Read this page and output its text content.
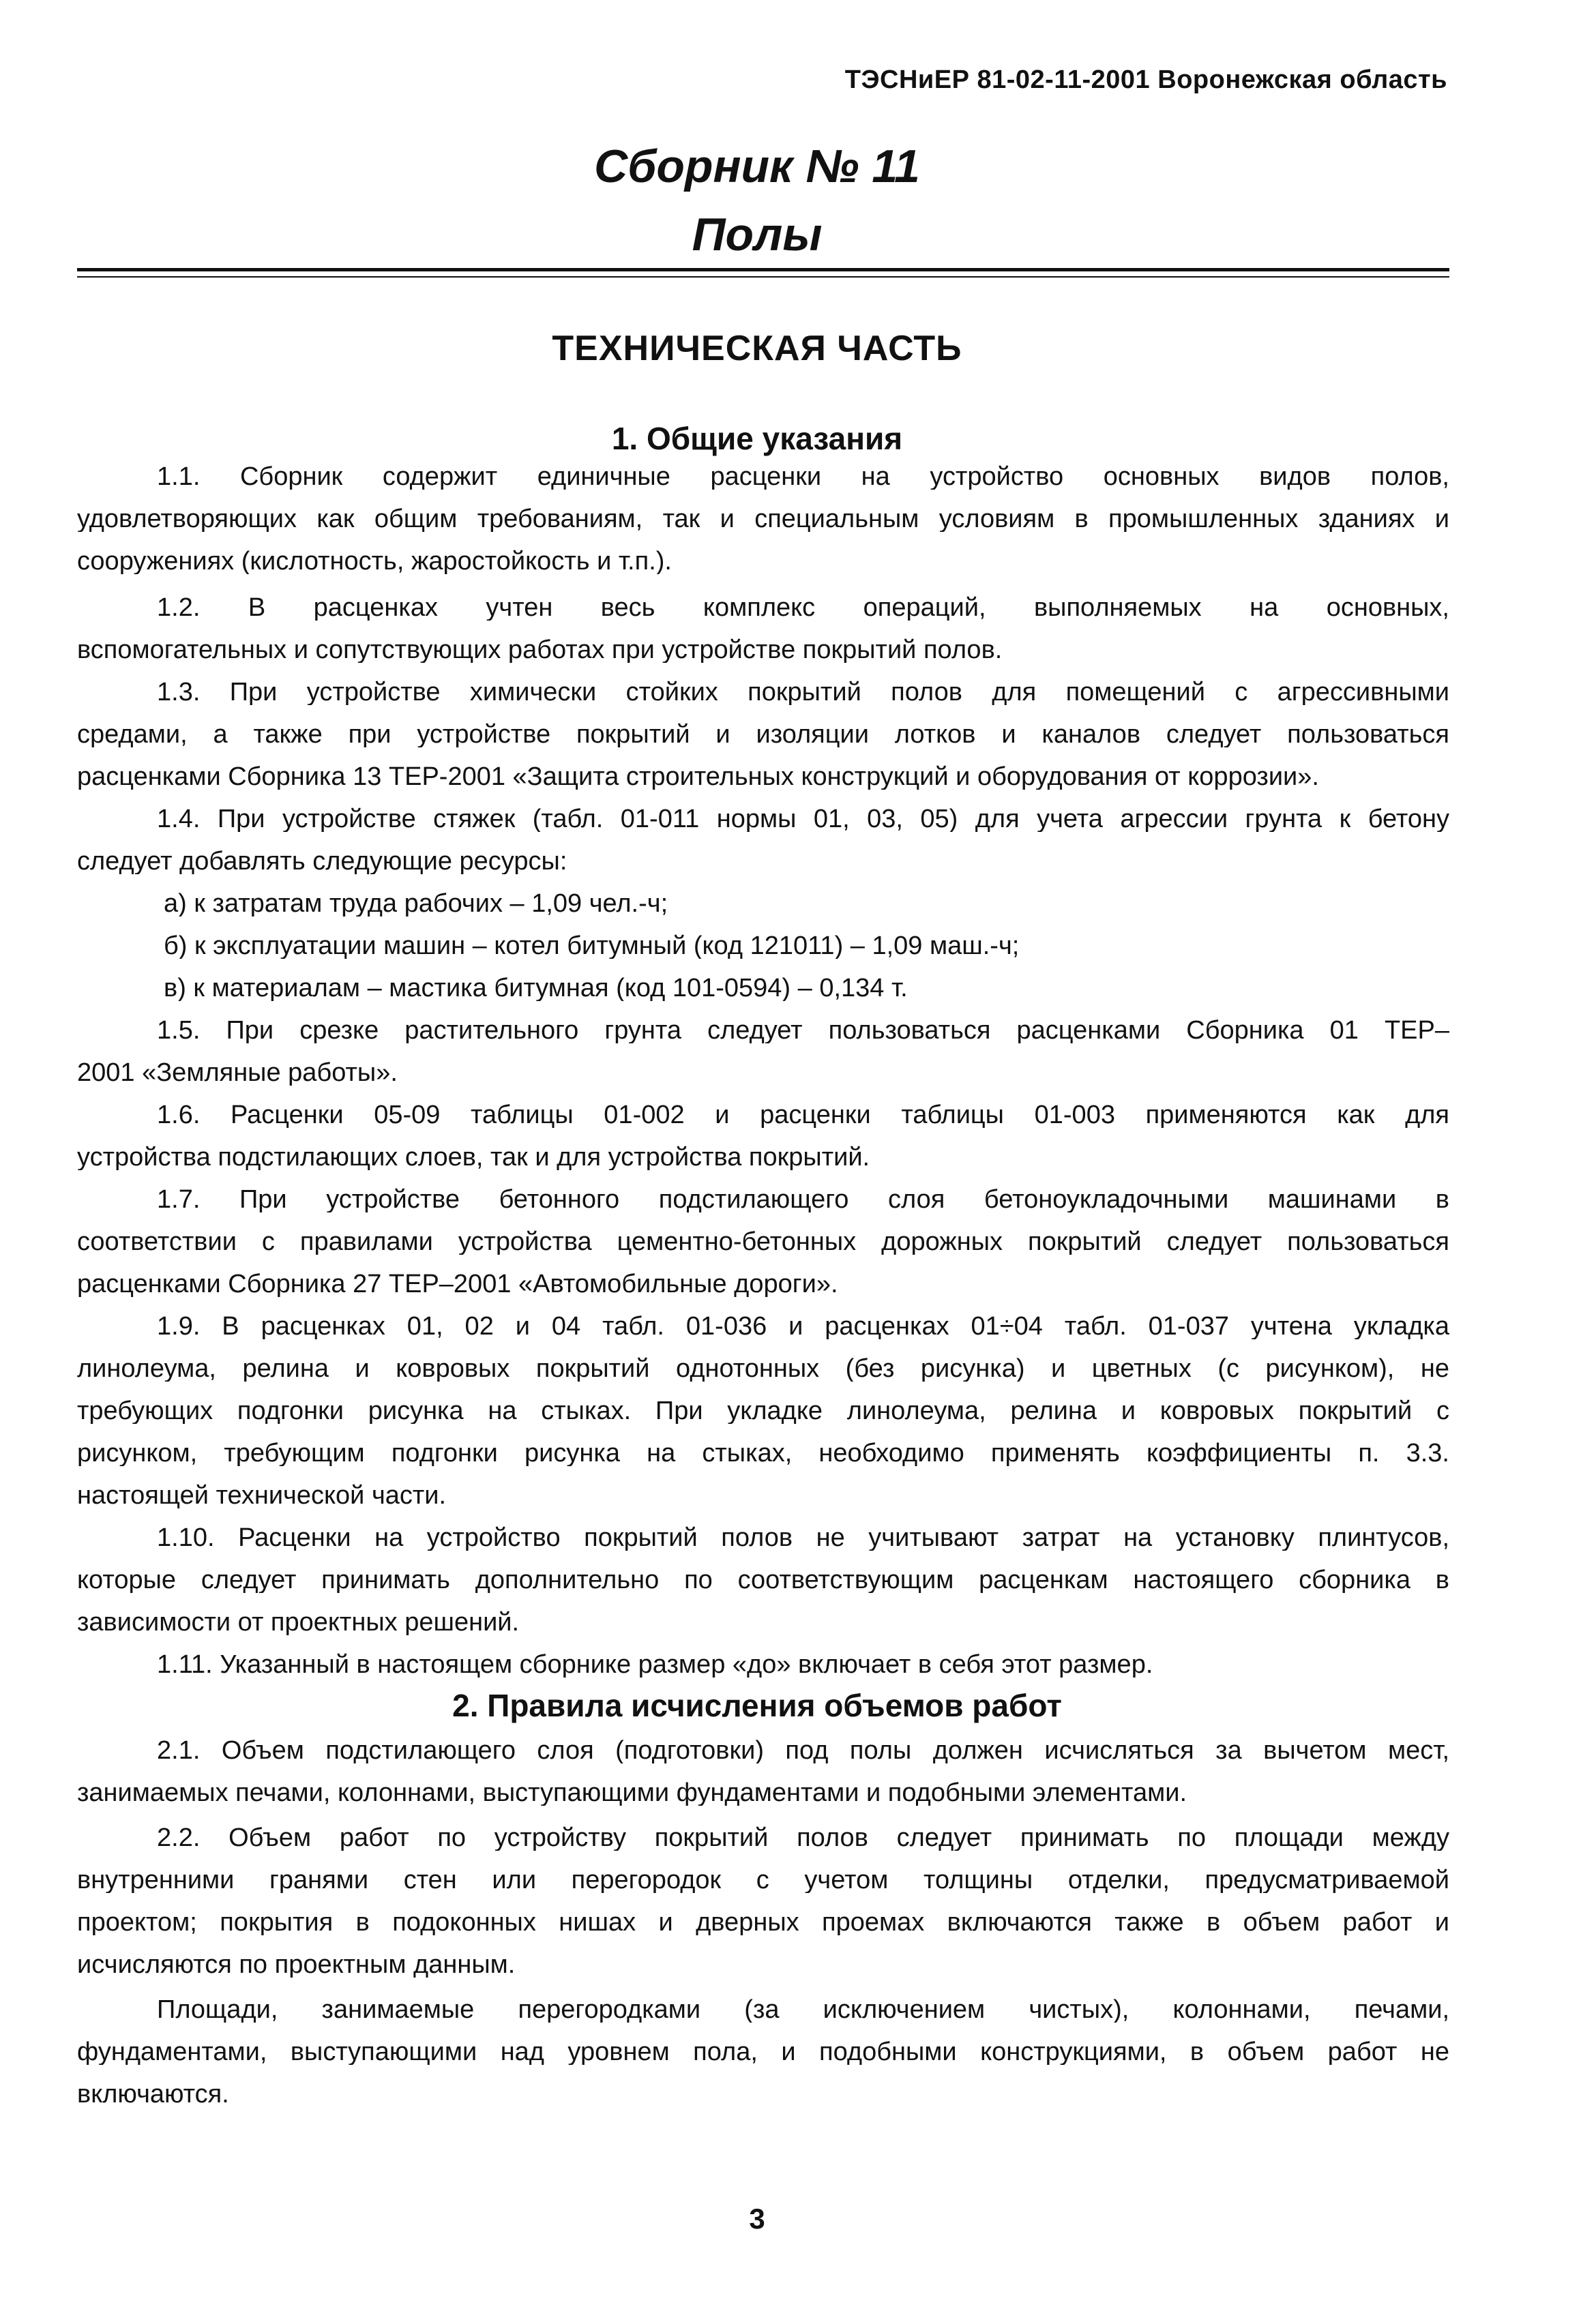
ТЭСНиЕР 81-02-11-2001 Воронежская область
Сборник № 11
Полы
ТЕХНИЧЕСКАЯ ЧАСТЬ
1. Общие указания
1.1. Сборник содержит единичные расценки на устройство основных видов полов,
удовлетворяющих как общим требованиям, так и специальным условиям в промышленных зданиях и
сооружениях (кислотность, жаростойкость и т.п.).
1.2. В расценках учтен весь комплекс операций, выполняемых на основных,
вспомогательных и сопутствующих работах при устройстве покрытий полов.
1.3. При устройстве химически стойких покрытий полов для помещений с агрессивными
средами, а также при устройстве покрытий и изоляции лотков и каналов следует пользоваться
расценками Сборника 13 ТЕР-2001 «Защита строительных конструкций и оборудования от коррозии».
1.4. При устройстве стяжек (табл. 01-011 нормы 01, 03, 05) для учета агрессии грунта к бетону
следует добавлять следующие ресурсы:
а) к затратам труда рабочих – 1,09 чел.-ч;
б) к эксплуатации машин – котел битумный (код 121011) – 1,09 маш.-ч;
в) к материалам – мастика битумная (код 101-0594) – 0,134 т.
1.5. При срезке растительного грунта следует пользоваться расценками Сборника 01 ТЕР–
2001 «Земляные работы».
1.6. Расценки 05-09 таблицы 01-002 и расценки таблицы 01-003 применяются как для
устройства подстилающих слоев, так и для устройства покрытий.
1.7. При устройстве бетонного подстилающего слоя бетоноукладочными машинами в
соответствии с правилами устройства цементно-бетонных дорожных покрытий следует пользоваться
расценками Сборника 27 ТЕР–2001 «Автомобильные дороги».
1.9. В расценках 01, 02 и 04 табл. 01-036 и расценках 01÷04 табл. 01-037 учтена укладка
линолеума, релина и ковровых покрытий однотонных (без рисунка) и цветных (с рисунком), не
требующих подгонки рисунка на стыках. При укладке линолеума, релина и ковровых покрытий с
рисунком, требующим подгонки рисунка на стыках, необходимо применять коэффициенты п. 3.3.
настоящей технической части.
1.10. Расценки на устройство покрытий полов не учитывают затрат на установку плинтусов,
которые следует принимать дополнительно по соответствующим расценкам настоящего сборника в
зависимости от проектных решений.
1.11. Указанный в настоящем сборнике размер «до» включает в себя этот размер.
2. Правила исчисления объемов работ
2.1. Объем подстилающего слоя (подготовки) под полы должен исчисляться за вычетом мест,
занимаемых печами, колоннами, выступающими фундаментами и подобными элементами.
2.2. Объем работ по устройству покрытий полов следует принимать по площади между
внутренними гранями стен или перегородок с учетом толщины отделки, предусматриваемой
проектом; покрытия в подоконных нишах и дверных проемах включаются также в объем работ и
исчисляются по проектным данным.
Площади, занимаемые перегородками (за исключением чистых), колоннами, печами,
фундаментами, выступающими над уровнем пола, и подобными конструкциями, в объем работ не
включаются.
3
